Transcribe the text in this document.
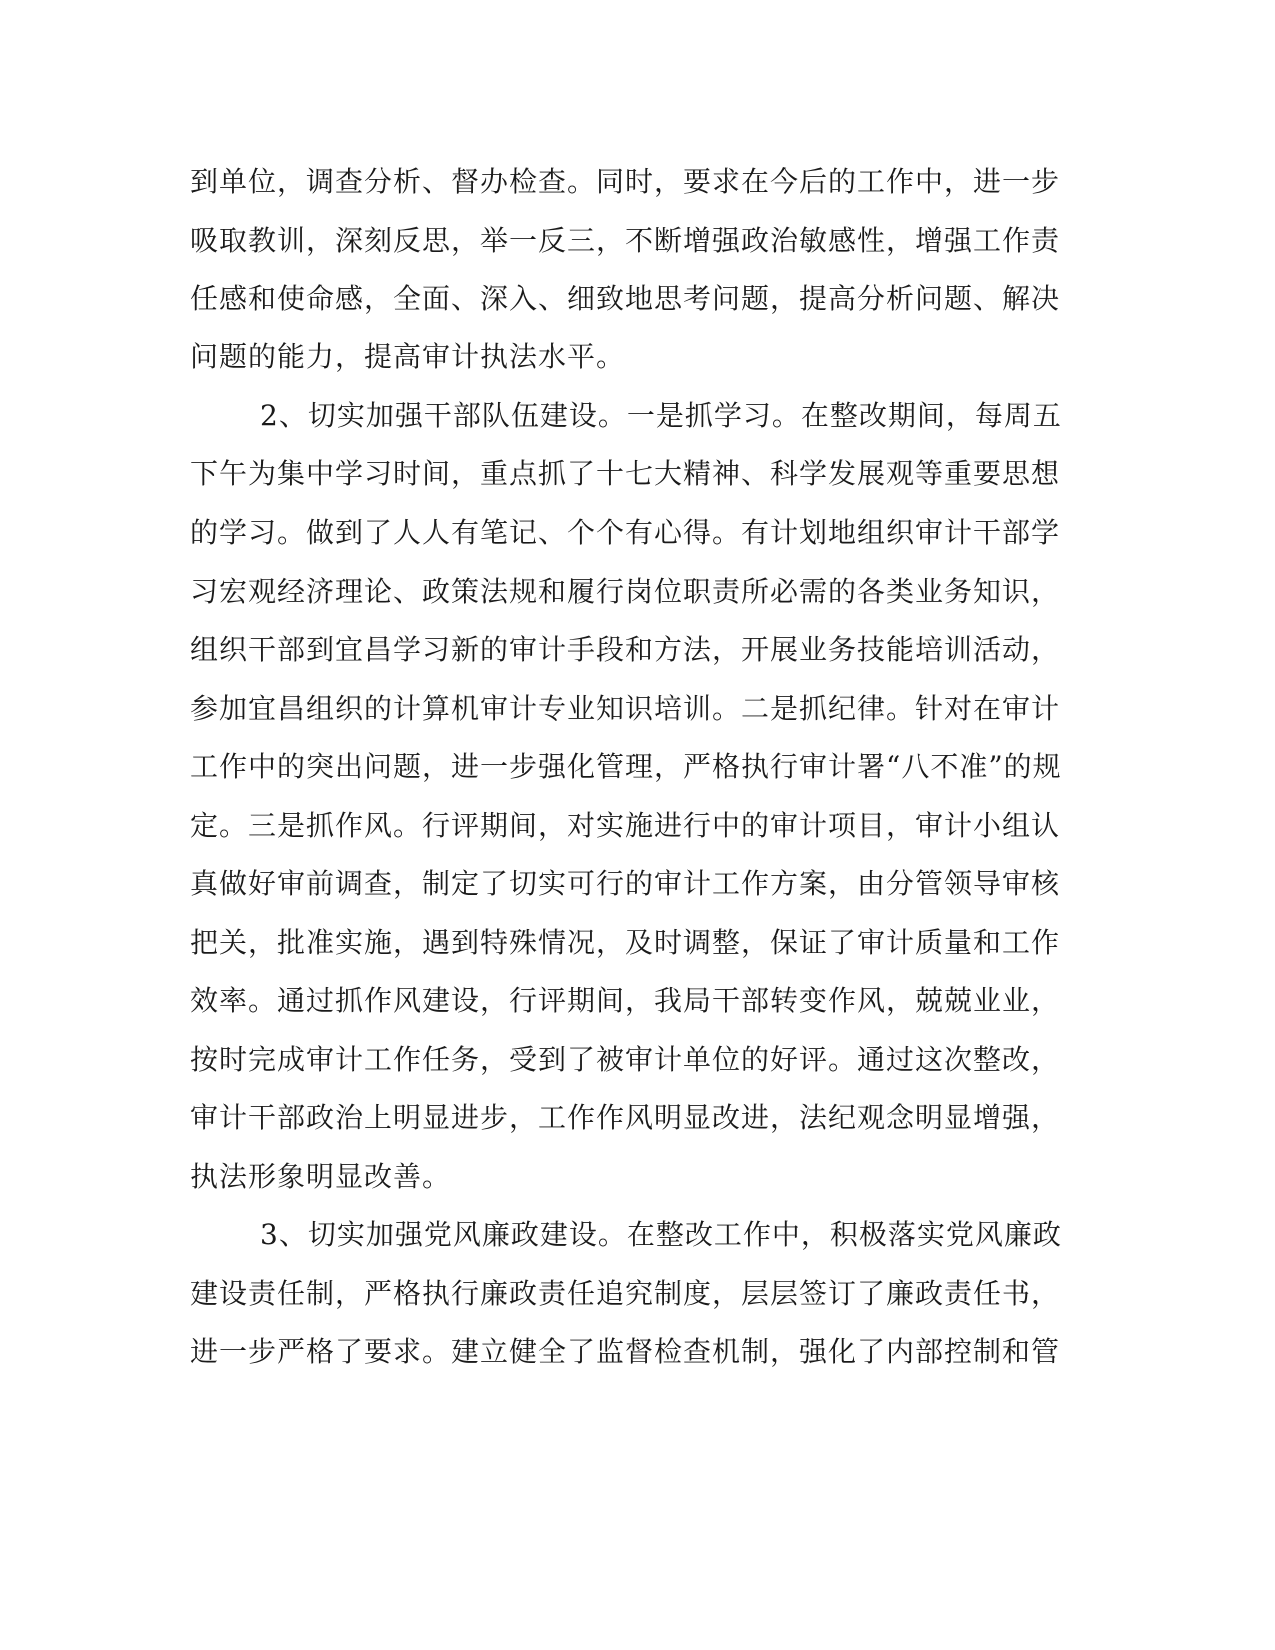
到单位，调查分析、督办检查。同时，要求在今后的工作中，进一步
吸取教训，深刻反思，举一反三，不断增强政治敏感性，增强工作责
任感和使命感，全面、深入、细致地思考问题，提高分析问题、解决
问题的能力，提高审计执法水平。
2、切实加强干部队伍建设。一是抓学习。在整改期间，每周五
下午为集中学习时间，重点抓了十七大精神、科学发展观等重要思想
的学习。做到了人人有笔记、个个有心得。有计划地组织审计干部学
习宏观经济理论、政策法规和履行岗位职责所必需的各类业务知识，
组织干部到宜昌学习新的审计手段和方法，开展业务技能培训活动，
参加宜昌组织的计算机审计专业知识培训。二是抓纪律。针对在审计
工作中的突出问题，进一步强化管理，严格执行审计署“八不准”的规
定。三是抓作风。行评期间，对实施进行中的审计项目，审计小组认
真做好审前调查，制定了切实可行的审计工作方案，由分管领导审核
把关，批准实施，遇到特殊情况，及时调整，保证了审计质量和工作
效率。通过抓作风建设，行评期间，我局干部转变作风，兢兢业业，
按时完成审计工作任务，受到了被审计单位的好评。通过这次整改，
审计干部政治上明显进步，工作作风明显改进，法纪观念明显增强，
执法形象明显改善。
3、切实加强党风廉政建设。在整改工作中，积极落实党风廉政
建设责任制，严格执行廉政责任追究制度，层层签订了廉政责任书，
进一步严格了要求。建立健全了监督检查机制，强化了内部控制和管
